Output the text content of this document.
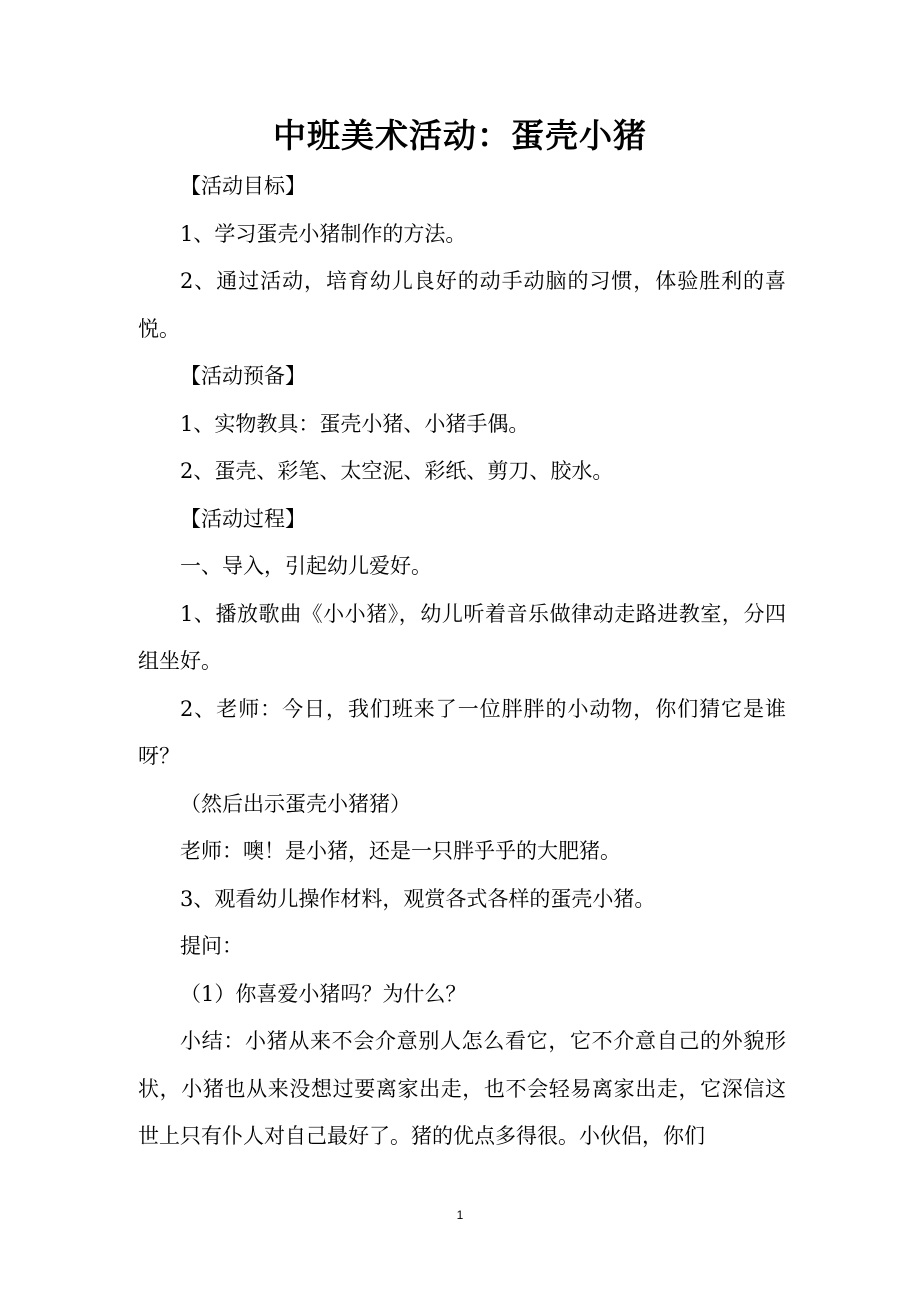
中班美术活动：蛋壳小猪

【活动目标】

1、学习蛋壳小猪制作的方法。

2、通过活动，培育幼儿良好的动手动脑的习惯，体验胜利的喜悦。

【活动预备】

1、实物教具：蛋壳小猪、小猪手偶。

2、蛋壳、彩笔、太空泥、彩纸、剪刀、胶水。

【活动过程】

一、导入，引起幼儿爱好。

1、播放歌曲《小小猪》，幼儿听着音乐做律动走路进教室，分四组坐好。

2、老师：今日，我们班来了一位胖胖的小动物，你们猜它是谁呀？

（然后出示蛋壳小猪猪）

老师：噢！是小猪，还是一只胖乎乎的大肥猪。

3、观看幼儿操作材料，观赏各式各样的蛋壳小猪。

提问：

（1）你喜爱小猪吗？为什么？

小结：小猪从来不会介意别人怎么看它，它不介意自己的外貌形状，小猪也从来没想过要离家出走，也不会轻易离家出走，它深信这世上只有仆人对自己最好了。猪的优点多得很。小伙侣，你们

1
